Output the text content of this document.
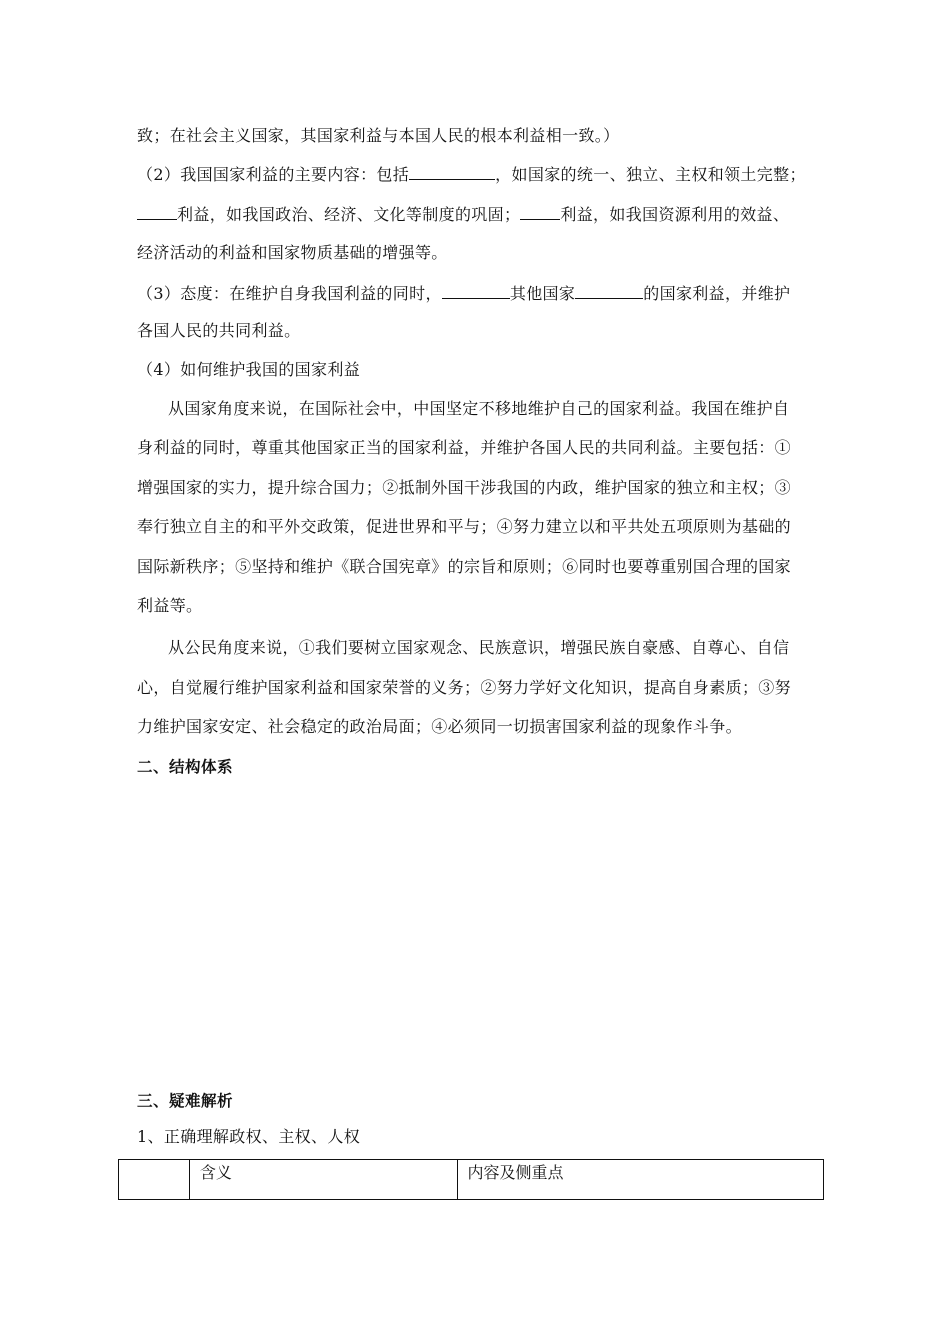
致；在社会主义国家，其国家利益与本国人民的根本利益相一致。）
（2）我国国家利益的主要内容：包括	，如国家的统一、独立、主权和领土完整；
利益，如我国政治、经济、文化等制度的巩固；	利益，如我国资源利用的效益、
经济活动的利益和国家物质基础的增强等。
（3）态度：在维护自身我国利益的同时，	其他国家	的国家利益，并维护
各国人民的共同利益。
（4）如何维护我国的国家利益
从国家角度来说，在国际社会中，中国坚定不移地维护自己的国家利益。我国在维护自
身利益的同时，尊重其他国家正当的国家利益，并维护各国人民的共同利益。主要包括：①
增强国家的实力，提升综合国力；②抵制外国干涉我国的内政，维护国家的独立和主权；③
奉行独立自主的和平外交政策，促进世界和平与；④努力建立以和平共处五项原则为基础的
国际新秩序；⑤坚持和维护《联合国宪章》的宗旨和原则；⑥同时也要尊重别国合理的国家
利益等。
从公民角度来说，①我们要树立国家观念、民族意识，增强民族自豪感、自尊心、自信
心，自觉履行维护国家利益和国家荣誉的义务；②努力学好文化知识，提高自身素质；③努
力维护国家安定、社会稳定的政治局面；④必须同一切损害国家利益的现象作斗争。
二、结构体系
三、疑难解析
1、正确理解政权、主权、人权
	含义	内容及侧重点
